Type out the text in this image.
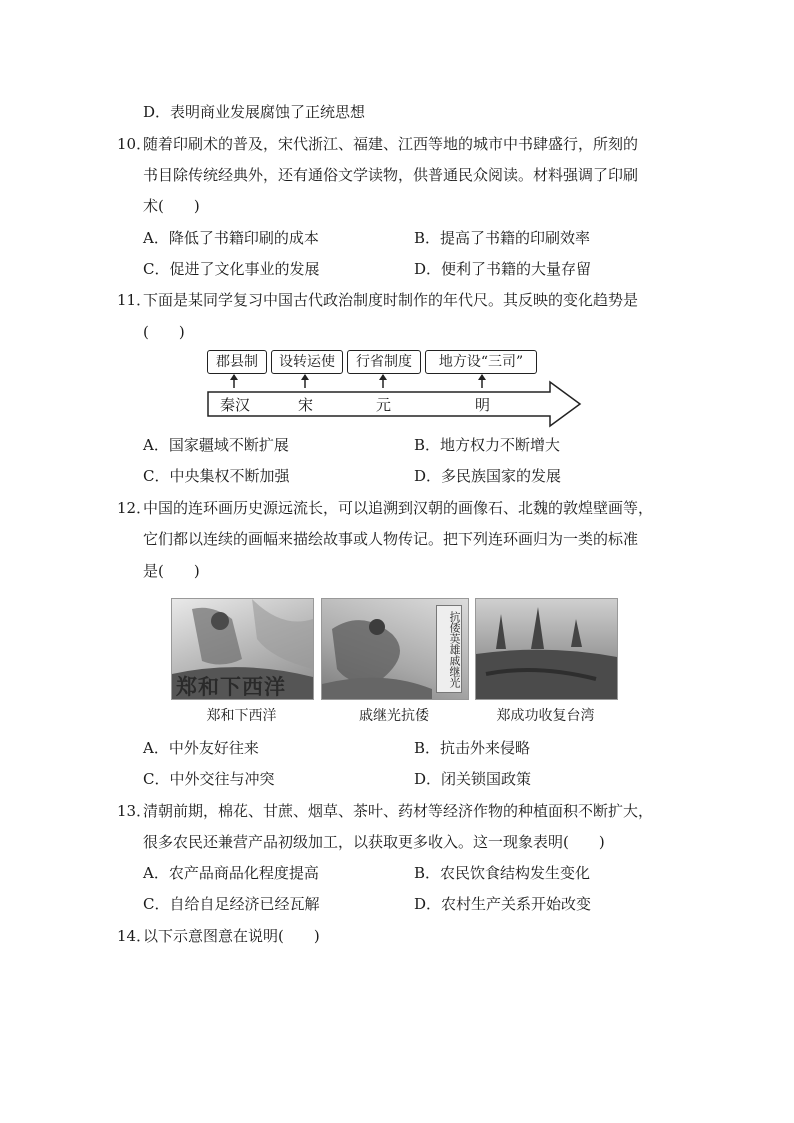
D．表明商业发展腐蚀了正统思想
10．
随着印刷术的普及，宋代浙江、福建、江西等地的城市中书肆盛行，所刻的
书目除传统经典外，还有通俗文学读物，供普通民众阅读。材料强调了印刷
术(　　)
A．降低了书籍印刷的成本	B．提高了书籍的印刷效率
C．促进了文化事业的发展	D．便利了书籍的大量存留
11．
下面是某同学复习中国古代政治制度时制作的年代尺。其反映的变化趋势是
(　　)
郡县制	设转运使	行省制度	地方设“三司”
秦汉	宋	元	明
A．国家疆域不断扩展	B．地方权力不断增大
C．中央集权不断加强	D．多民族国家的发展
12．
中国的连环画历史源远流长，可以追溯到汉朝的画像石、北魏的敦煌壁画等，
它们都以连续的画幅来描绘故事或人物传记。把下列连环画归为一类的标准
是(　　)
郑和下西洋
郑和下西洋
抗倭英雄戚继光
戚继光抗倭	郑成功收复台湾
A．中外友好往来	B．抗击外来侵略
C．中外交往与冲突	D．闭关锁国政策
13．
清朝前期，棉花、甘蔗、烟草、茶叶、药材等经济作物的种植面积不断扩大，
很多农民还兼营产品初级加工，以获取更多收入。这一现象表明(　　)
A．农产品商品化程度提高	B．农民饮食结构发生变化
C．自给自足经济已经瓦解	D．农村生产关系开始改变
14．
以下示意图意在说明(　　)
